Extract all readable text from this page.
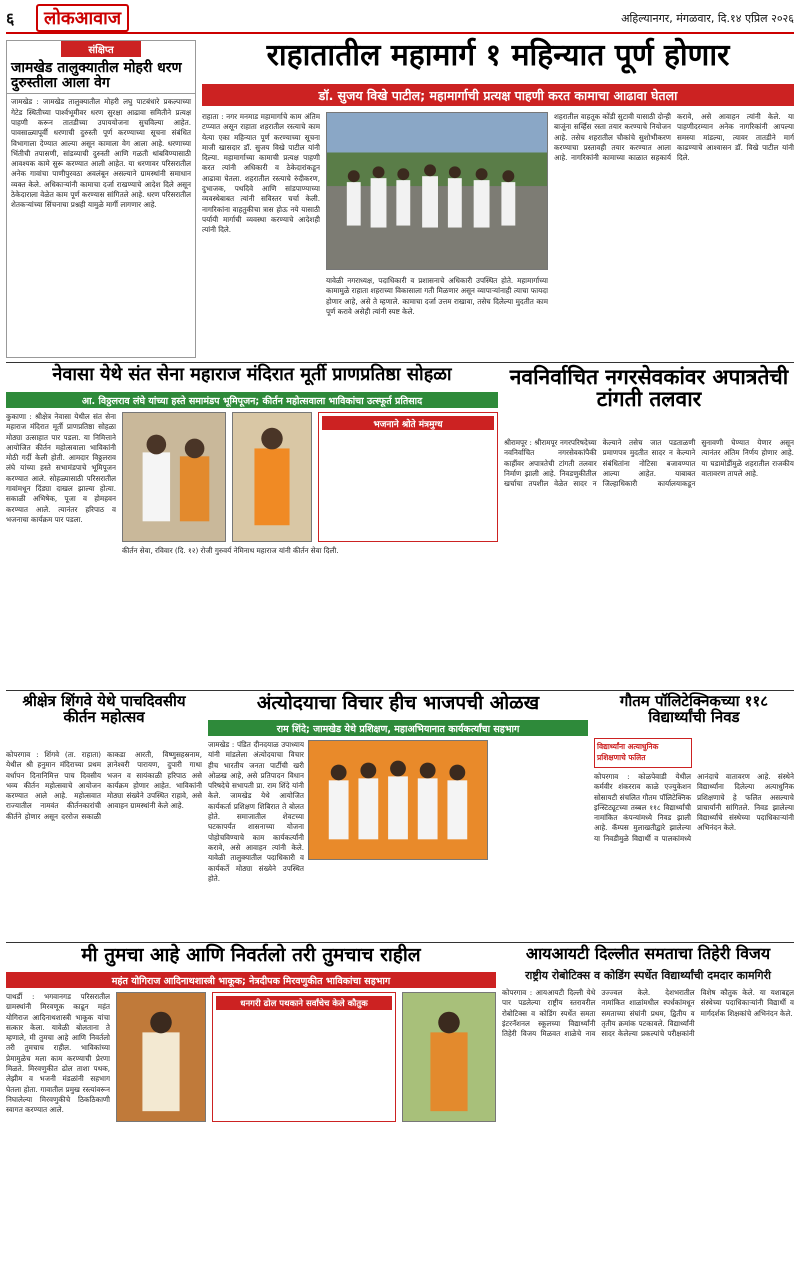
६	लोकआवाज	अहिल्यानगर, मंगळवार, दि.१४ एप्रिल २०२६
संक्षिप्त
जामखेड तालुक्यातील मोहरी धरण दुरुस्तीला आला वेग
जामखेड : जामखेड तालुक्यातील मोहरी लघु पाटबंधारे प्रकल्पाच्या गेटेड स्थितीच्या पार्श्वभूमीवर धरण सुरक्षा आढावा समितीने प्रत्यक्ष पाहणी करून तातडीच्या उपाययोजना सुचविल्या आहेत. पावसाळ्यापूर्वी धरणाची दुरुस्ती पूर्ण करण्याच्या सूचना संबंधित विभागाला देण्यात आल्या असून कामाला वेग आला आहे. धरणाच्या भिंतीची तपासणी, सांडव्याची दुरुस्ती आणि गळती थांबविण्यासाठी आवश्यक कामे सुरू करण्यात आली आहेत. या धरणावर परिसरातील अनेक गावांचा पाणीपुरवठा अवलंबून असल्याने ग्रामस्थांनी समाधान व्यक्त केले. अधिकाऱ्यांनी कामाचा दर्जा राखण्याचे आदेश दिले असून ठेकेदाराला वेळेत काम पूर्ण करण्यास सांगितले आहे. धरण परिसरातील शेतकऱ्यांच्या सिंचनाचा प्रश्नही यामुळे मार्गी लागणार आहे.
राहातातील महामार्ग १ महिन्यात पूर्ण होणार
डॉ. सुजय विखे पाटील; महामार्गाची प्रत्यक्ष पाहणी करत कामाचा आढावा घेतला
राहाता : नगर मनमाड महामार्गाचे काम अंतिम टप्प्यात असून राहाता शहरातील रस्त्याचे काम येत्या एका महिन्यात पूर्ण करण्याच्या सूचना माजी खासदार डॉ. सुजय विखे पाटील यांनी दिल्या. महामार्गाच्या कामाची प्रत्यक्ष पाहणी करत त्यांनी अधिकारी व ठेकेदारांकडून आढावा घेतला. शहरातील रस्त्याचे रुंदीकरण, दुभाजक, पथदिवे आणि सांडपाण्याच्या व्यवस्थेबाबत त्यांनी सविस्तर चर्चा केली. नागरिकांना वाहतुकीचा त्रास होऊ नये यासाठी पर्यायी मार्गाची व्यवस्था करण्याचे आदेशही त्यांनी दिले.
यावेळी नगराध्यक्ष, पदाधिकारी व प्रशासनाचे अधिकारी उपस्थित होते. महामार्गाच्या कामामुळे राहाता शहराच्या विकासाला गती मिळणार असून व्यापाऱ्यांनाही त्याचा फायदा होणार आहे, असे ते म्हणाले. कामाचा दर्जा उत्तम राखावा, तसेच दिलेल्या मुदतीत काम पूर्ण करावे असेही त्यांनी स्पष्ट केले.
शहरातील वाहतूक कोंडी सुटावी यासाठी दोन्ही बाजूंना सर्व्हिस रस्ता तयार करण्याचे नियोजन आहे. तसेच शहरातील चौकांचे सुशोभीकरण करण्याचा प्रस्तावही तयार करण्यात आला आहे. नागरिकांनी कामाच्या काळात सहकार्य करावे, असे आवाहन त्यांनी केले. या पाहणीदरम्यान अनेक नागरिकांनी आपल्या समस्या मांडल्या, त्यावर तातडीने मार्ग काढण्याचे आश्वासन डॉ. विखे पाटील यांनी दिले.
नेवासा येथे संत सेना महाराज मंदिरात मूर्ती प्राणप्रतिष्ठा सोहळा
आ. विठ्ठलराव लंघे यांच्या हस्ते समामंडप भूमिपूजन; कीर्तन महोत्सवाला भाविकांचा उत्स्फूर्त प्रतिसाद
कुकाणा : श्रीक्षेत्र नेवासा येथील संत सेना महाराज मंदिरात मूर्ती प्राणप्रतिष्ठा सोहळा मोठ्या उत्साहात पार पडला. या निमित्ताने आयोजित कीर्तन महोत्सवाला भाविकांनी मोठी गर्दी केली होती. आमदार विठ्ठलराव लंघे यांच्या हस्ते सभामंडपाचे भूमिपूजन करण्यात आले. सोहळ्यासाठी परिसरातील गावांमधून दिंड्या दाखल झाल्या होत्या. सकाळी अभिषेक, पूजा व होमहवन करण्यात आले. त्यानंतर हरिपाठ व भजनाचा कार्यक्रम पार पडला.
भजनाने श्रोते मंत्रमुग्ध
कीर्तन सेवा, रविवार (दि. १२) रोजी गुरुवर्य नेमिनाथ महाराज यांनी कीर्तन सेवा दिली.
नवनिर्वाचित नगरसेवकांवर अपात्रतेची टांगती तलवार
श्रीरामपूर : श्रीरामपूर नगरपरिषदेच्या नवनिर्वाचित नगरसेवकांपैकी काहींवर अपात्रतेची टांगती तलवार निर्माण झाली आहे. निवडणुकीतील खर्चाचा तपशील वेळेत सादर न केल्याने तसेच जात पडताळणी प्रमाणपत्र मुदतीत सादर न केल्याने संबंधितांना नोटिसा बजावण्यात आल्या आहेत. याबाबत जिल्हाधिकारी कार्यालयाकडून सुनावणी घेण्यात येणार असून त्यानंतर अंतिम निर्णय होणार आहे. या घडामोडींमुळे शहरातील राजकीय वातावरण तापले आहे.
श्रीक्षेत्र शिंगवे येथे पाचदिवसीय कीर्तन महोत्सव
कोपरगाव : शिंगवे (ता. राहाता) येथील श्री हनुमान मंदिराच्या प्रथम वर्धापन दिनानिमित्त पाच दिवसीय भव्य कीर्तन महोत्सवाचे आयोजन करण्यात आले आहे. महोत्सवात राज्यातील नामवंत कीर्तनकारांची कीर्तने होणार असून दररोज सकाळी काकडा आरती, विष्णुसहस्रनाम, ज्ञानेश्वरी पारायण, दुपारी गाथा भजन व सायंकाळी हरिपाठ असे कार्यक्रम होणार आहेत. भाविकांनी मोठ्या संख्येने उपस्थित राहावे, असे आवाहन ग्रामस्थांनी केले आहे.
अंत्योदयाचा विचार हीच भाजपची ओळख
राम शिंदे; जामखेड येथे प्रशिक्षण, महाअभियानात कार्यकर्त्यांचा सहभाग
जामखेड : पंडित दीनदयाळ उपाध्याय यांनी मांडलेला अंत्योदयाचा विचार हीच भारतीय जनता पार्टीची खरी ओळख आहे, असे प्रतिपादन विधान परिषदेचे सभापती प्रा. राम शिंदे यांनी केले. जामखेड येथे आयोजित कार्यकर्ता प्रशिक्षण शिबिरात ते बोलत होते. समाजातील शेवटच्या घटकापर्यंत शासनाच्या योजना पोहोचविण्याचे काम कार्यकर्त्यांनी करावे, असे आवाहन त्यांनी केले. यावेळी तालुक्यातील पदाधिकारी व कार्यकर्ते मोठ्या संख्येने उपस्थित होते.
गौतम पॉलिटेक्निकच्या ११८ विद्यार्थ्यांची निवड
विद्यार्थ्यांना अत्याधुनिक प्रशिक्षणाचे फलित
कोपरगाव : कोळपेवाडी येथील कर्मवीर शंकरराव काळे एज्युकेशन सोसायटी संचलित गौतम पॉलिटेक्निक इन्स्टिट्यूटच्या तब्बल ११८ विद्यार्थ्यांची नामांकित कंपन्यांमध्ये निवड झाली आहे. कॅम्पस मुलाखतीद्वारे झालेल्या या निवडीमुळे विद्यार्थी व पालकांमध्ये आनंदाचे वातावरण आहे. संस्थेने विद्यार्थ्यांना दिलेल्या अत्याधुनिक प्रशिक्षणाचे हे फलित असल्याचे प्राचार्यांनी सांगितले. निवड झालेल्या विद्यार्थ्यांचे संस्थेच्या पदाधिकाऱ्यांनी अभिनंदन केले.
मी तुमचा आहे आणि निवर्तलो तरी तुमचाच राहील
महंत योगिराज आदिनाथशास्त्री भाकूक; नेत्रदीपक मिरवणुकीत भाविकांचा सहभाग
पाथर्डी : भगवानगड परिसरातील ग्रामस्थांनी मिरवणूक काढून महंत योगिराज आदिनाथशास्त्री भाकूक यांचा सत्कार केला. यावेळी बोलताना ते म्हणाले, मी तुमचा आहे आणि निवर्तलो तरी तुमचाच राहील. भाविकांच्या प्रेमामुळेच मला काम करण्याची प्रेरणा मिळते. मिरवणुकीत ढोल ताशा पथक, लेझीम व भजनी मंडळांनी सहभाग घेतला होता. गावातील प्रमुख रस्त्यांवरून निघालेल्या मिरवणुकीचे ठिकठिकाणी स्वागत करण्यात आले.
धनगरी ढोल पथकाने सर्वांचेच केले कौतुक
आयआयटी दिल्लीत समताचा तिहेरी विजय
राष्ट्रीय रोबोटिक्स व कोडिंग स्पर्धेत विद्यार्थ्यांची दमदार कामगिरी
कोपरगाव : आयआयटी दिल्ली येथे पार पडलेल्या राष्ट्रीय स्तरावरील रोबोटिक्स व कोडिंग स्पर्धेत समता इंटरनॅशनल स्कूलच्या विद्यार्थ्यांनी तिहेरी विजय मिळवत शाळेचे नाव उज्ज्वल केले. देशभरातील नामांकित शाळांमधील स्पर्धकांमधून समताच्या संघांनी प्रथम, द्वितीय व तृतीय क्रमांक पटकावले. विद्यार्थ्यांनी सादर केलेल्या प्रकल्पांचे परीक्षकांनी विशेष कौतुक केले. या यशाबद्दल संस्थेच्या पदाधिकाऱ्यांनी विद्यार्थी व मार्गदर्शक शिक्षकांचे अभिनंदन केले.
